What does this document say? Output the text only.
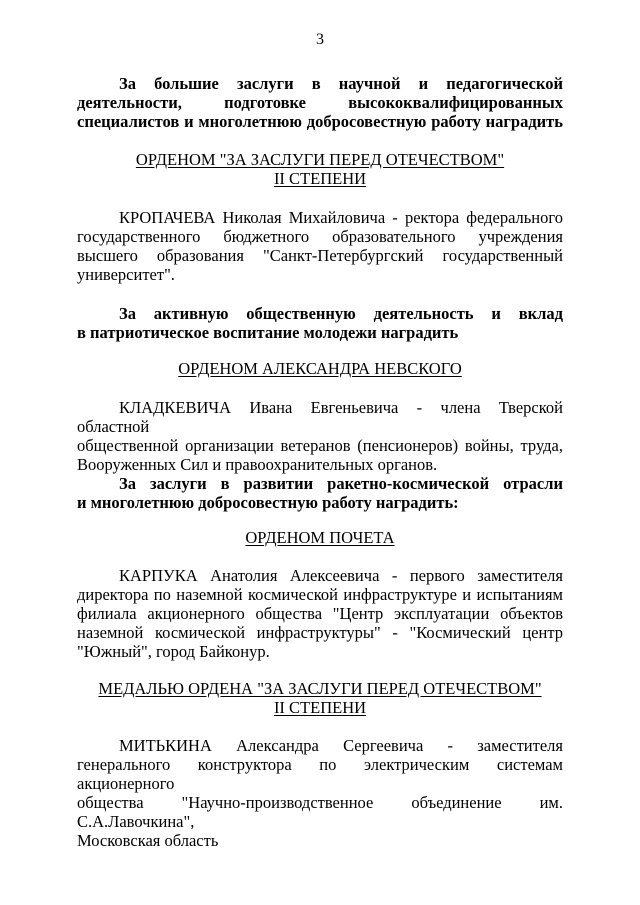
3

За большие заслуги в научной и педагогической
деятельности, подготовке высококвалифицированных
специалистов и многолетнюю добросовестную работу наградить

ОРДЕНОМ "ЗА ЗАСЛУГИ ПЕРЕД ОТЕЧЕСТВОМ"
II СТЕПЕНИ

КРОПАЧЕВА Николая Михайловича - ректора федерального
государственного бюджетного образовательного учреждения
высшего образования "Санкт-Петербургский государственный
университет".

За активную общественную деятельность и вклад
в патриотическое воспитание молодежи наградить

ОРДЕНОМ АЛЕКСАНДРА НЕВСКОГО

КЛАДКЕВИЧА Ивана Евгеньевича - члена Тверской областной
общественной организации ветеранов (пенсионеров) войны, труда,
Вооруженных Сил и правоохранительных органов.

За заслуги в развитии ракетно-космической отрасли
и многолетнюю добросовестную работу наградить:

ОРДЕНОМ ПОЧЕТА

КАРПУКА Анатолия Алексеевича - первого заместителя
директора по наземной космической инфраструктуре и испытаниям
филиала акционерного общества "Центр эксплуатации объектов
наземной космической инфраструктуры" - "Космический центр
"Южный", город Байконур.

МЕДАЛЬЮ ОРДЕНА "ЗА ЗАСЛУГИ ПЕРЕД ОТЕЧЕСТВОМ"
II СТЕПЕНИ

МИТЬКИНА Александра Сергеевича - заместителя
генерального конструктора по электрическим системам акционерного
общества "Научно-производственное объединение им. С.А.Лавочкина",
Московская область
